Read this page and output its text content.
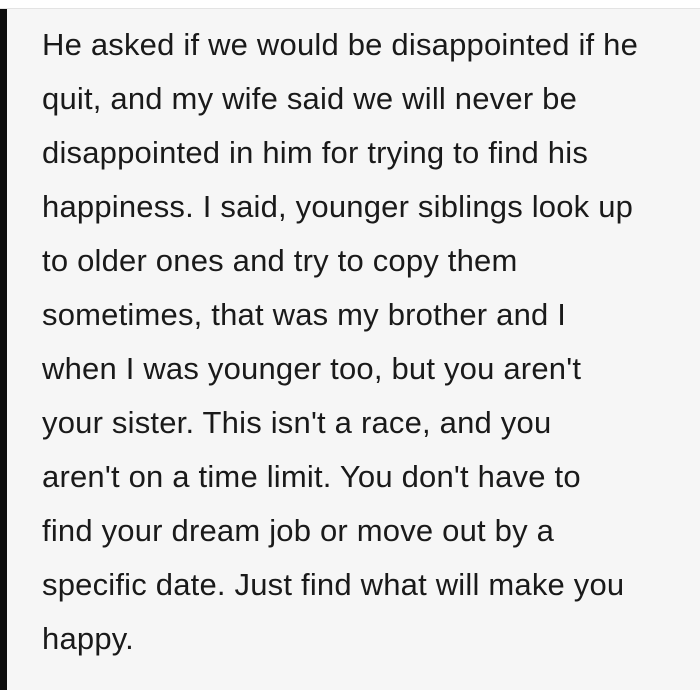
He asked if we would be disappointed if he
quit, and my wife said we will never be
disappointed in him for trying to find his
happiness. I said, younger siblings look up
to older ones and try to copy them
sometimes, that was my brother and I
when I was younger too, but you aren't
your sister. This isn't a race, and you
aren't on a time limit. You don't have to
find your dream job or move out by a
specific date. Just find what will make you
happy.
